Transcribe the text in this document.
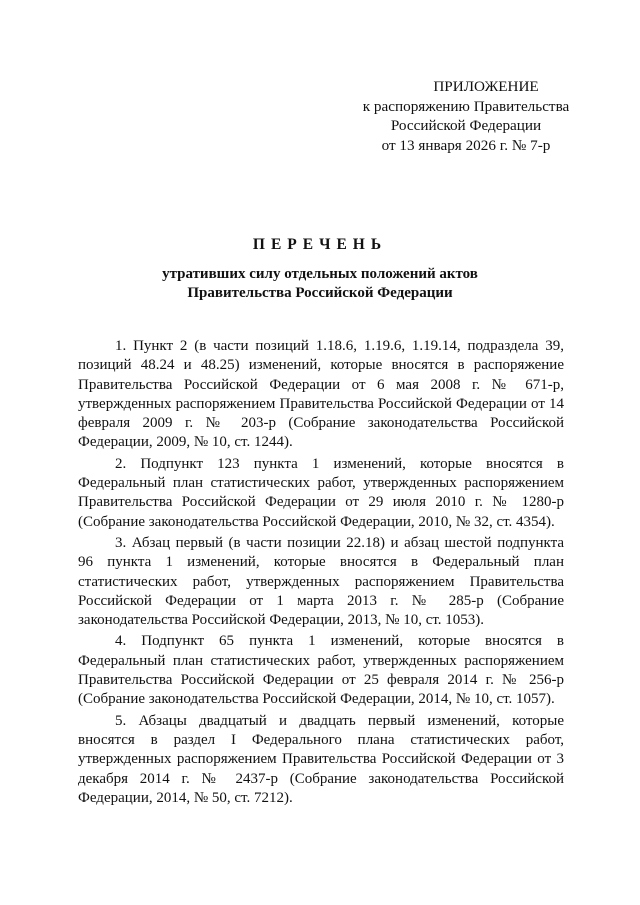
ПРИЛОЖЕНИЕ
к распоряжению Правительства
Российской Федерации
от 13 января 2026 г. № 7-р
ПЕРЕЧЕНЬ
утративших силу отдельных положений актов
Правительства Российской Федерации

1. Пункт 2 (в части позиций 1.18.6, 1.19.6, 1.19.14, подраздела 39, позиций 48.24 и 48.25) изменений, которые вносятся в распоряжение Правительства Российской Федерации от 6 мая 2008 г. № 671-р, утвержденных распоряжением Правительства Российской Федерации от 14 февраля 2009 г. № 203-р (Собрание законодательства Российской Федерации, 2009, № 10, ст. 1244).

2. Подпункт 123 пункта 1 изменений, которые вносятся в Федеральный план статистических работ, утвержденных распоряжением Правительства Российской Федерации от 29 июля 2010 г. № 1280-р (Собрание законодательства Российской Федерации, 2010, № 32, ст. 4354).

3. Абзац первый (в части позиции 22.18) и абзац шестой подпункта 96 пункта 1 изменений, которые вносятся в Федеральный план статистических работ, утвержденных распоряжением Правительства Российской Федерации от 1 марта 2013 г. № 285-р (Собрание законодательства Российской Федерации, 2013, № 10, ст. 1053).

4. Подпункт 65 пункта 1 изменений, которые вносятся в Федеральный план статистических работ, утвержденных распоряжением Правительства Российской Федерации от 25 февраля 2014 г. № 256-р (Собрание законодательства Российской Федерации, 2014, № 10, ст. 1057).

5. Абзацы двадцатый и двадцать первый изменений, которые вносятся в раздел I Федерального плана статистических работ, утвержденных распоряжением Правительства Российской Федерации от 3 декабря 2014 г. № 2437-р (Собрание законодательства Российской Федерации, 2014, № 50, ст. 7212).
